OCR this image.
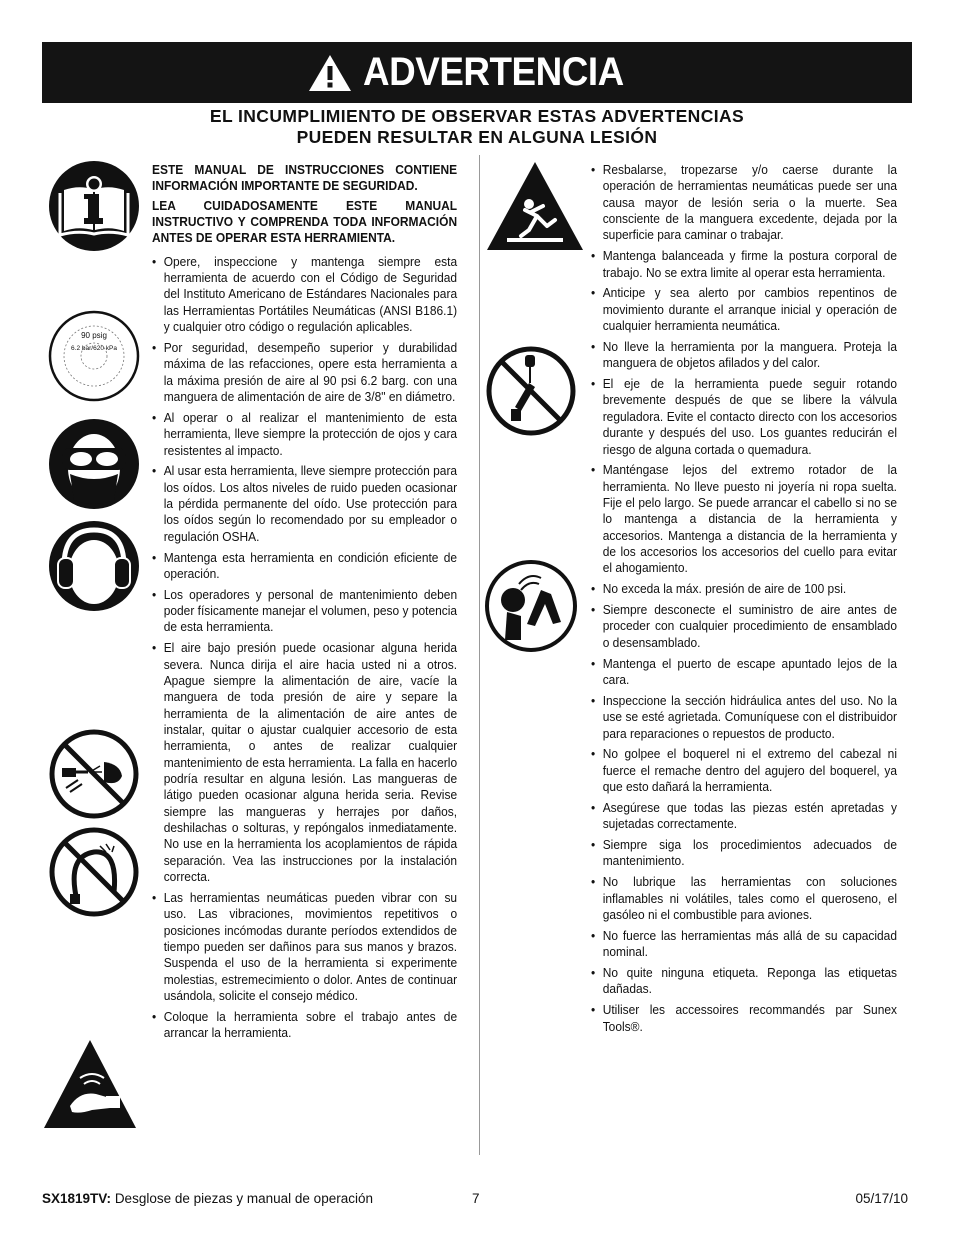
ADVERTENCIA
EL INCUMPLIMIENTO DE OBSERVAR ESTAS ADVERTENCIAS
PUEDEN RESULTAR EN ALGUNA LESIÓN
90 psig
6.2 bar/620 kPa

ESTE MANUAL DE INSTRUCCIONES CONTIENE INFORMACIÓN IMPORTANTE DE SEGURIDAD.

LEA CUIDADOSAMENTE ESTE MANUAL INSTRUCTIVO Y COMPRENDA TODA INFORMACIÓN ANTES DE OPERAR ESTA HERRAMIENTA.

• Opere, inspeccione y mantenga siempre esta herramienta de acuerdo con el Código de Seguridad del Instituto Americano de Estándares Nacionales para las Herramientas Portátiles Neumáticas (ANSI B186.1) y cualquier otro código o regulación aplicables.
• Por seguridad, desempeño superior y durabilidad máxima de las refacciones, opere esta herramienta a la máxima presión de aire al 90 psi 6.2 barg. con una manguera de alimentación de aire de 3/8" en diámetro.
• Al operar o al realizar el mantenimiento de esta herramienta, lleve siempre la protección de ojos y cara resistentes al impacto.
• Al usar esta herramienta, lleve siempre protección para los oídos. Los altos niveles de ruido pueden ocasionar la pérdida permanente del oído. Use protección para los oídos según lo recomendado por su empleador o regulación OSHA.
• Mantenga esta herramienta en condición eficiente de operación.
• Los operadores y personal de mantenimiento deben poder físicamente manejar el volumen, peso y potencia de esta herramienta.
• El aire bajo presión puede ocasionar alguna herida severa. Nunca dirija el aire hacia usted ni a otros. Apague siempre la alimentación de aire, vacíe la manguera de toda presión de aire y separe la herramienta de la alimentación de aire antes de instalar, quitar o ajustar cualquier accesorio de esta herramienta, o antes de realizar cualquier mantenimiento de esta herramienta. La falla en hacerlo podría resultar en alguna lesión. Las mangueras de látigo pueden ocasionar alguna herida seria. Revise siempre las mangueras y herrajes por daños, deshilachas o solturas, y repóngalos inmediatamente. No use en la herramienta los acoplamientos de rápida separación. Vea las instrucciones por la instalación correcta.
• Las herramientas neumáticas pueden vibrar con su uso. Las vibraciones, movimientos repetitivos o posiciones incómodas durante períodos extendidos de tiempo pueden ser dañinos para sus manos y brazos. Suspenda el uso de la herramienta si experimente molestias, estremecimiento o dolor. Antes de continuar usándola, solicite el consejo médico.
• Coloque la herramienta sobre el trabajo antes de arrancar la herramienta.
• Resbalarse, tropezarse y/o caerse durante la operación de herramientas neumáticas puede ser una causa mayor de lesión seria o la muerte. Sea consciente de la manguera excedente, dejada por la superficie para caminar o trabajar.
• Mantenga balanceada y firme la postura corporal de trabajo. No se extra limite al operar esta herramienta.
• Anticipe y sea alerto por cambios repentinos de movimiento durante el arranque inicial y operación de cualquier herramienta neumática.
• No lleve la herramienta por la manguera. Proteja la manguera de objetos afilados y del calor.
• El eje de la herramienta puede seguir rotando brevemente después de que se libere la válvula reguladora. Evite el contacto directo con los accesorios durante y después del uso. Los guantes reducirán el riesgo de alguna cortada o quemadura.
• Manténgase lejos del extremo rotador de la herramienta. No lleve puesto ni joyería ni ropa suelta. Fije el pelo largo. Se puede arrancar el cabello si no se lo mantenga a distancia de la herramienta y accesorios. Mantenga a distancia de la herramienta y de los accesorios los accesorios del cuello para evitar el ahogamiento.
• No exceda la máx. presión de aire de 100 psi.
• Siempre desconecte el suministro de aire antes de proceder con cualquier procedimiento de ensamblado o desensamblado.
• Mantenga el puerto de escape apuntado lejos de la cara.
• Inspeccione la sección hidráulica antes del uso. No la use se esté agrietada. Comuníquese con el distribuidor para reparaciones o repuestos de producto.
• No golpee el boquerel ni el extremo del cabezal ni fuerce el remache dentro del agujero del boquerel, ya que esto dañará la herramienta.
• Asegúrese que todas las piezas estén apretadas y sujetadas correctamente.
• Siempre siga los procedimientos adecuados de mantenimiento.
• No lubrique las herramientas con soluciones inflamables ni volátiles, tales como el queroseno, el gasóleo ni el combustible para aviones.
• No fuerce las herramientas más allá de su capacidad nominal.
• No quite ninguna etiqueta. Reponga las etiquetas dañadas.
• Utiliser les accessoires recommandés par Sunex Tools®.
SX1819TV: Desglose de piezas y manual de operación	7	05/17/10
